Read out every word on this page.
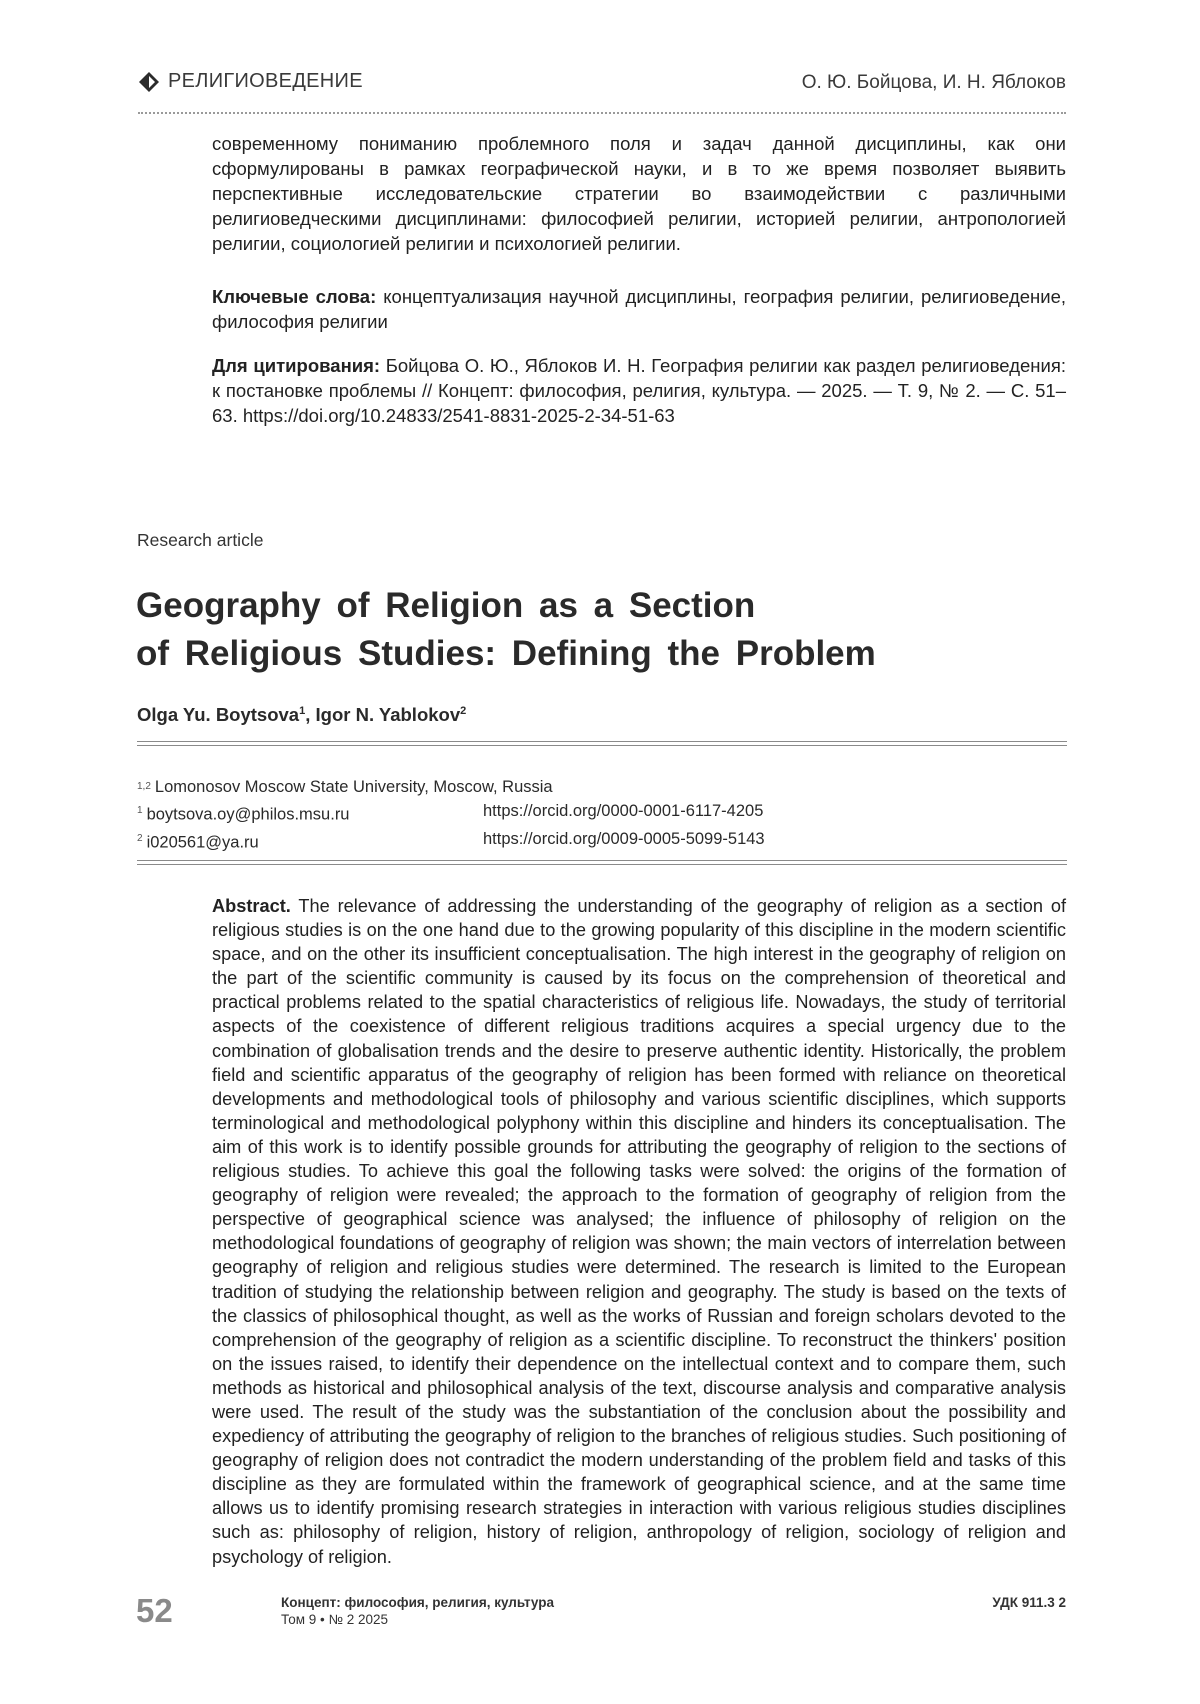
РЕЛИГИОВЕДЕНИЕ	О. Ю. Бойцова, И. Н. Яблоков

современному пониманию проблемного поля и задач данной дисциплины, как они сформулированы в рамках географической науки, и в то же время позволяет выявить перспективные исследовательские стратегии во взаимодействии с различными религиоведческими дисциплинами: философией религии, историей религии, антропологией религии, социологией религии и психологией религии.

Ключевые слова: концептуализация научной дисциплины, география религии, религиоведение, философия религии

Для цитирования: Бойцова О. Ю., Яблоков И. Н. География религии как раздел религиоведения: к постановке проблемы // Концепт: философия, религия, культура. — 2025. — Т. 9, № 2. — С. 51–63. https://doi.org/10.24833/2541-8831-2025-2-34-51-63

Research article
Geography of Religion as a Section
of Religious Studies: Defining the Problem
Olga Yu. Boytsova$^1$, Igor N. Yablokov$^2$
1,2 Lomonosov Moscow State University, Moscow, Russia
$^1$ boytsova.oy@philos.msu.ru	https://orcid.org/0000-0001-6117-4205
$^2$ i020561@ya.ru	https://orcid.org/0009-0005-5099-5143
Abstract. The relevance of addressing the understanding of the geography of religion as a section of religious studies is on the one hand due to the growing popularity of this discipline in the modern scientific space, and on the other its insufficient conceptualisation. The high interest in the geography of religion on the part of the scientific community is caused by its focus on the comprehension of theoretical and practical problems related to the spatial characteristics of religious life. Nowadays, the study of territorial aspects of the coexistence of different religious traditions acquires a special urgency due to the combination of globalisation trends and the desire to preserve authentic identity. Historically, the problem field and scientific apparatus of the geography of religion has been formed with reliance on theoretical developments and methodological tools of philosophy and various scientific disciplines, which supports terminological and methodological polyphony within this discipline and hinders its conceptualisation. The aim of this work is to identify possible grounds for attributing the geography of religion to the sections of religious studies. To achieve this goal the following tasks were solved: the origins of the formation of geography of religion were revealed; the approach to the formation of geography of religion from the perspective of geographical science was analysed; the influence of philosophy of religion on the methodological foundations of geography of religion was shown; the main vectors of interrelation between geography of religion and religious studies were determined. The research is limited to the European tradition of studying the relationship between religion and geography. The study is based on the texts of the classics of philosophical thought, as well as the works of Russian and foreign scholars devoted to the comprehension of the geography of religion as a scientific discipline. To reconstruct the thinkers' position on the issues raised, to identify their dependence on the intellectual context and to compare them, such methods as historical and philosophical analysis of the text, discourse analysis and comparative analysis were used. The result of the study was the substantiation of the conclusion about the possibility and expediency of attributing the geography of religion to the branches of religious studies. Such positioning of geography of religion does not contradict the modern understanding of the problem field and tasks of this discipline as they are formulated within the framework of geographical science, and at the same time allows us to identify promising research strategies in interaction with various religious studies disciplines such as: philosophy of religion, history of religion, anthropology of religion, sociology of religion and psychology of religion.
52	Концепт: философия, религия, культура
Том 9 • № 2 2025
УДК 911.3 2
